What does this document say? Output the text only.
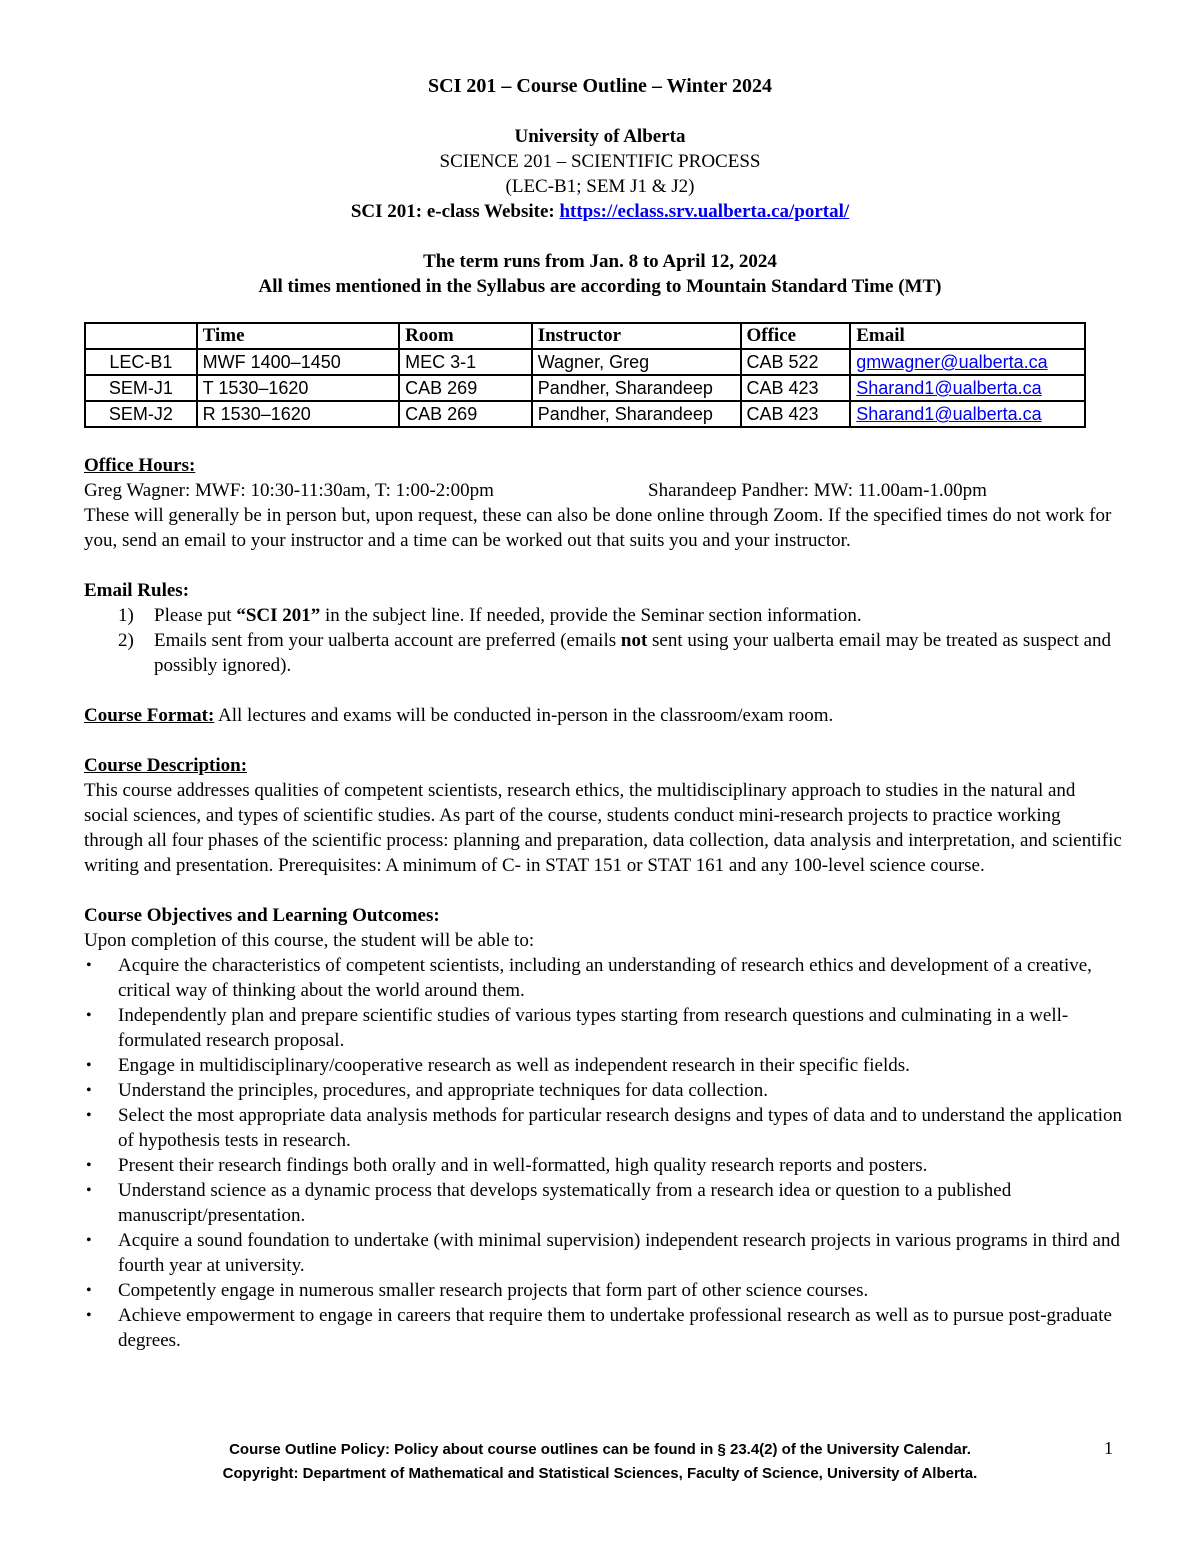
SCI 201 – Course Outline – Winter 2024
University of Alberta
SCIENCE 201 – SCIENTIFIC PROCESS
(LEC-B1; SEM J1 & J2)
SCI 201: e-class Website: https://eclass.srv.ualberta.ca/portal/
The term runs from Jan. 8 to April 12, 2024
All times mentioned in the Syllabus are according to Mountain Standard Time (MT)
	Time	Room	Instructor	Office	Email
LEC-B1	MWF 1400–1450	MEC 3-1	Wagner, Greg	CAB 522	gmwagner@ualberta.ca
SEM-J1	T 1530–1620	CAB 269	Pandher, Sharandeep	CAB 423	Sharand1@ualberta.ca
SEM-J2	R 1530–1620	CAB 269	Pandher, Sharandeep	CAB 423	Sharand1@ualberta.ca
Office Hours:
Greg Wagner: MWF: 10:30-11:30am, T: 1:00-2:00pm	Sharandeep Pandher: MW: 11.00am-1.00pm

These will generally be in person but, upon request, these can also be done online through Zoom. If the specified times do not work for you, send an email to your instructor and a time can be worked out that suits you and your instructor.

Email Rules:
1) Please put “SCI 201” in the subject line. If needed, provide the Seminar section information.
2) Emails sent from your ualberta account are preferred (emails not sent using your ualberta email may be treated as suspect and possibly ignored).

Course Format: All lectures and exams will be conducted in-person in the classroom/exam room.

Course Description:

This course addresses qualities of competent scientists, research ethics, the multidisciplinary approach to studies in the natural and social sciences, and types of scientific studies. As part of the course, students conduct mini-research projects to practice working through all four phases of the scientific process: planning and preparation, data collection, data analysis and interpretation, and scientific writing and presentation. Prerequisites: A minimum of C- in STAT 151 or STAT 161 and any 100-level science course.

Course Objectives and Learning Outcomes:

Upon completion of this course, the student will be able to:

• Acquire the characteristics of competent scientists, including an understanding of research ethics and development of a creative, critical way of thinking about the world around them.
• Independently plan and prepare scientific studies of various types starting from research questions and culminating in a well-formulated research proposal.
• Engage in multidisciplinary/cooperative research as well as independent research in their specific fields.
• Understand the principles, procedures, and appropriate techniques for data collection.
• Select the most appropriate data analysis methods for particular research designs and types of data and to understand the application of hypothesis tests in research.
• Present their research findings both orally and in well-formatted, high quality research reports and posters.
• Understand science as a dynamic process that develops systematically from a research idea or question to a published manuscript/presentation.
• Acquire a sound foundation to undertake (with minimal supervision) independent research projects in various programs in third and fourth year at university.
• Competently engage in numerous smaller research projects that form part of other science courses.
• Achieve empowerment to engage in careers that require them to undertake professional research as well as to pursue post-graduate degrees.
Course Outline Policy: Policy about course outlines can be found in § 23.4(2) of the University Calendar.
Copyright: Department of Mathematical and Statistical Sciences, Faculty of Science, University of Alberta.
1
